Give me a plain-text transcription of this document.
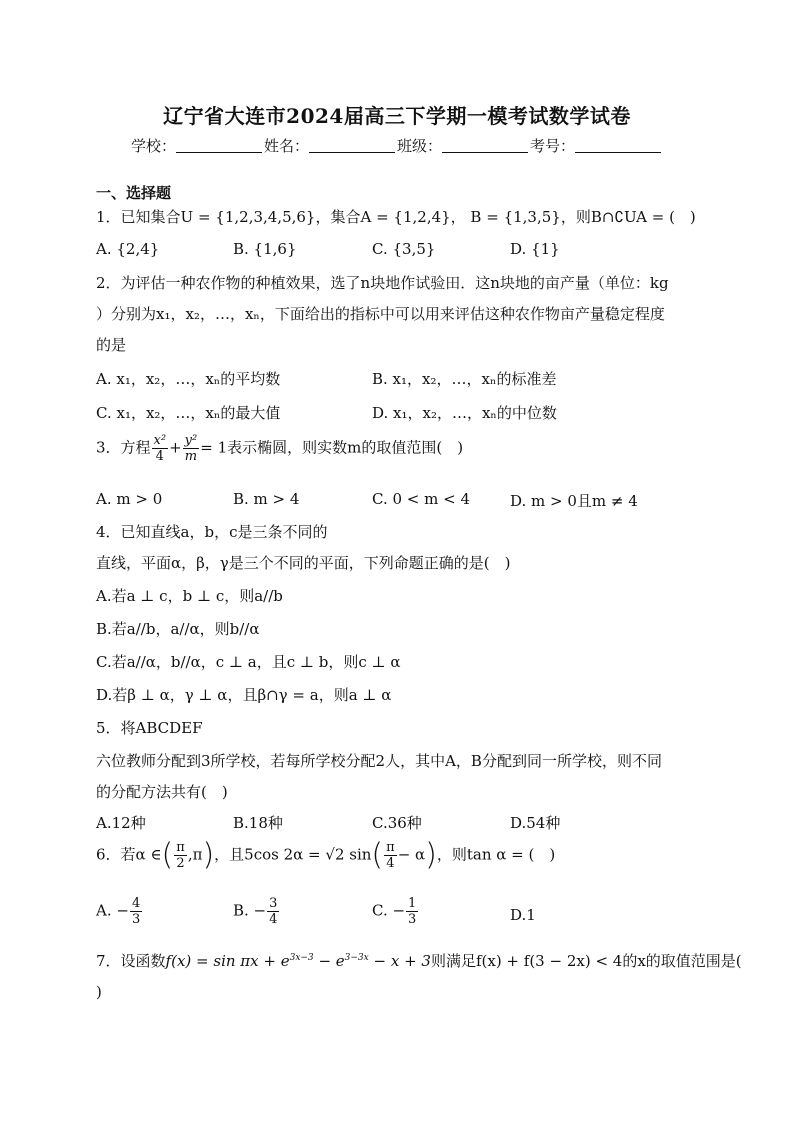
辽宁省大连市2024届高三下学期一模考试数学试卷
学校：	姓名：	班级：	考号：
一、选择题
1．已知集合U = {1,2,3,4,5,6}，集合A = {1,2,4}， B = {1,3,5}，则B∩∁UA = (　)
A. {2,4}	B. {1,6}	C. {3,5}	D. {1}
2．为评估一种农作物的种植效果，选了n块地作试验田．这n块地的亩产量（单位：kg
）分别为x₁，x₂，…，xₙ，下面给出的指标中可以用来评估这种农作物亩产量稳定程度
的是
A. x₁，x₂，…，xₙ的平均数	B. x₁，x₂，…，xₙ的标准差
C. x₁，x₂，…，xₙ的最大值	D. x₁，x₂，…，xₙ的中位数
3．方程 $\frac{\text{x²}}{4} + \frac{\text{y²}}{m} = 1$表示椭圆，则实数m的取值范围(　)
A. m > 0	B. m > 4	C. 0 < m < 4	D. m > 0且m ≠ 4
4．已知直线a，b，c是三条不同的
直线，平面α，β，γ是三个不同的平面，下列命题正确的是(　)
A.若a ⊥ c，b ⊥ c，则a//b
B.若a//b，a//α，则b//α
C.若a//α，b//α，c ⊥ a，且c ⊥ b，则c ⊥ α
D.若β ⊥ α，γ ⊥ α，且β∩γ = a，则a ⊥ α
5．将ABCDEF
六位教师分配到3所学校，若每所学校分配2人，其中A，B分配到同一所学校，则不同
的分配方法共有(　)
A.12种	B.18种	C.36种	D.54种
6．若α ∈( $\frac{\pi}{2} ,\pi$)，且5cos 2α = √2 $\sin( \frac{\pi}{4} - \alpha)$，则tan α = (　)
A. − $\frac{4}{3}$	B. − $\frac{3}{4}$	C. − $\frac{1}{3}$	D.1
7．设函数$f(x) = \sin \pi x + e^{3x-3} - e^{3-3x} - x + 3$则满足f(x) + f(3 − 2x) < 4的x的取值范围是(
)
